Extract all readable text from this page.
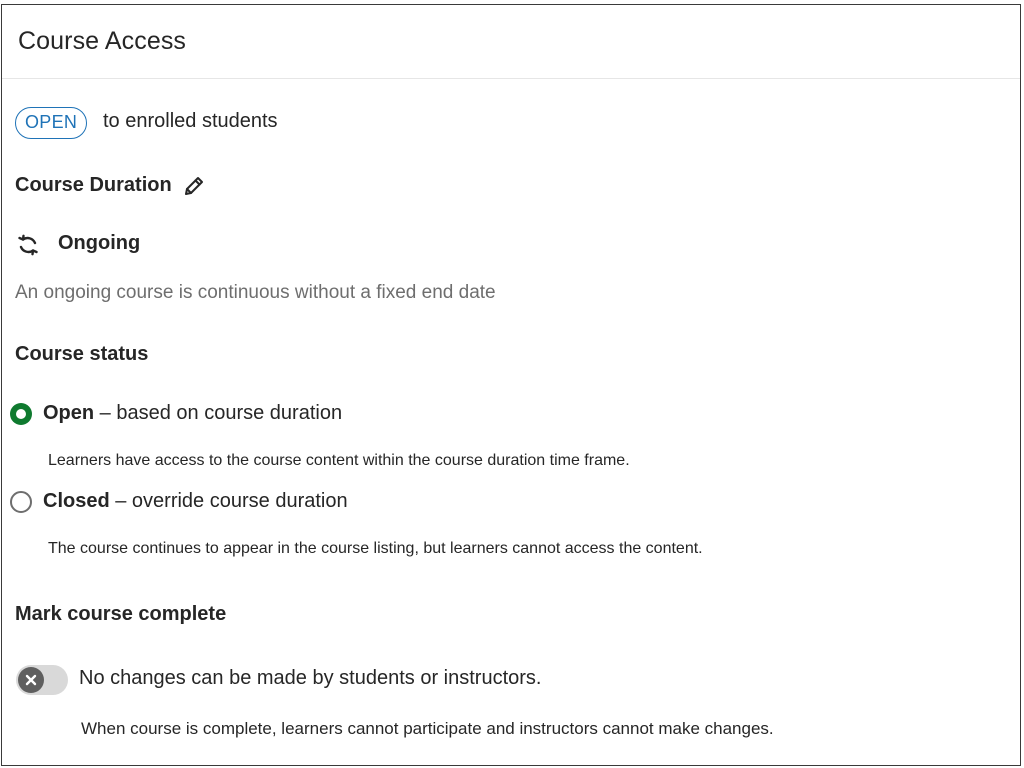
Course Access
OPEN	to enrolled students
Course Duration
Ongoing
An ongoing course is continuous without a fixed end date
Course status
Open – based on course duration
Learners have access to the course content within the course duration time frame.
Closed – override course duration
The course continues to appear in the course listing, but learners cannot access the content.
Mark course complete
No changes can be made by students or instructors.
When course is complete, learners cannot participate and instructors cannot make changes.
